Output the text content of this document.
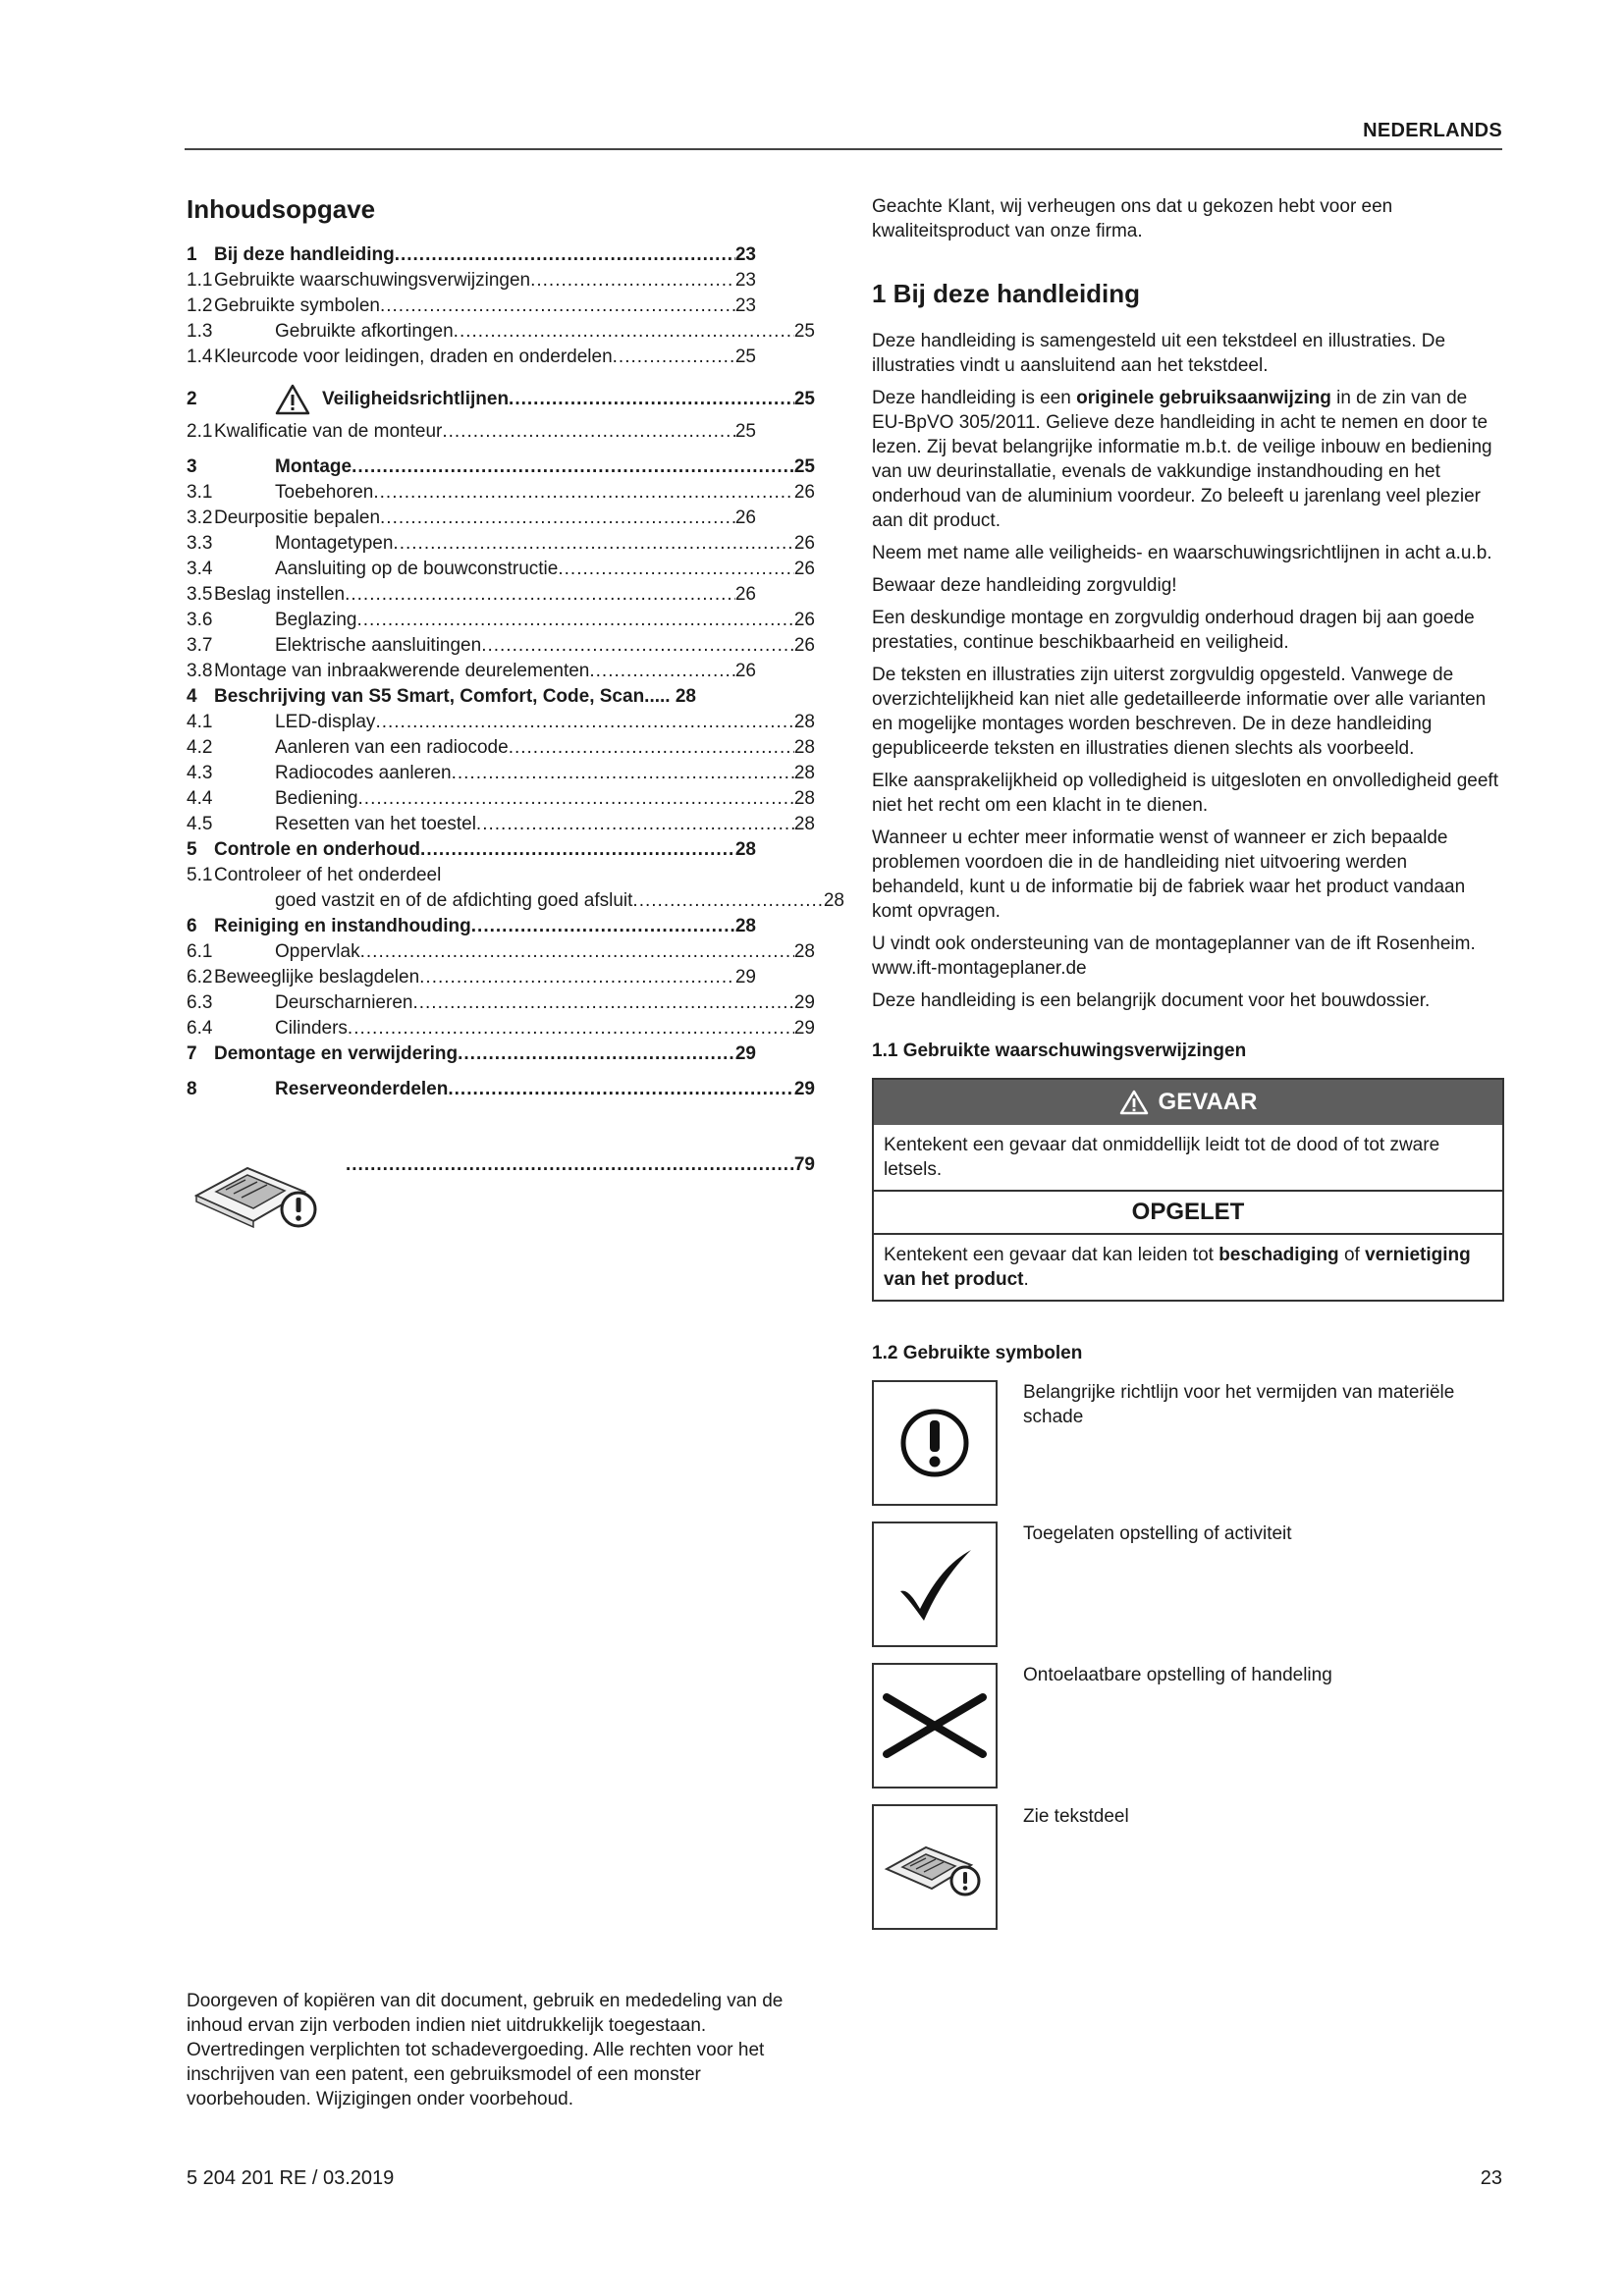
NEDERLANDS
Inhoudsopgave
1 Bij deze handleiding .....	23
1.1 Gebruikte waarschuwingsverwijzingen .....	23
1.2 Gebruikte symbolen .....	23
1.3	Gebruikte afkortingen .....	25
1.4 Kleurcode voor leidingen, draden en onderdelen .....	25
2	Veiligheidsrichtlijnen .....	25
2.1 Kwalificatie van de monteur .....	25
3	Montage .....	25
3.1	Toebehoren .....	26
3.2 Deurpositie bepalen .....	26
3.3	Montagetypen .....	26
3.4	Aansluiting op de bouwconstructie .....	26
3.5 Beslag instellen .....	26
3.6	Beglazing .....	26
3.7	Elektrische aansluitingen .....	26
3.8 Montage van inbraakwerende deurelementen .....	26
4 Beschrijving van S5 Smart, Comfort, Code, Scan..... 28
4.1	LED-display .....	28
4.2	Aanleren van een radiocode .....	28
4.3	Radiocodes aanleren .....	28
4.4	Bediening .....	28
4.5	Resetten van het toestel .....	28
5 Controle en onderhoud .....	28
5.1 Controleer of het onderdeel
goed vastzit en of de afdichting goed afsluit .....	28
6 Reiniging en instandhouding .....	28
6.1	Oppervlak .....	28
6.2 Beweeglijke beslagdelen .....	29
6.3	Deurscharnieren .....	29
6.4	Cilinders .....	29
7 Demontage en verwijdering .....	29
8	Reserveonderdelen .....	29
.....
79
Doorgeven of kopiëren van dit document, gebruik en mededeling van de inhoud ervan zijn verboden indien niet uitdrukkelijk toegestaan. Overtredingen verplichten tot schadevergoeding. Alle rechten voor het inschrijven van een patent, een gebruiksmodel of een monster voorbehouden. Wijzigingen onder voorbehoud.

Geachte Klant, wij verheugen ons dat u gekozen hebt voor een kwaliteitsproduct van onze firma.

1 Bij deze handleiding

Deze handleiding is samengesteld uit een tekstdeel en illustraties. De illustraties vindt u aansluitend aan het tekstdeel.

Deze handleiding is een originele gebruiksaanwijzing in de zin van de EU-BpVO 305/2011. Gelieve deze handleiding in acht te nemen en door te lezen. Zij bevat belangrijke informatie m.b.t. de veilige inbouw en bediening van uw deurinstallatie, evenals de vakkundige instandhouding en het onderhoud van de aluminium voordeur. Zo beleeft u jarenlang veel plezier aan dit product.

Neem met name alle veiligheids- en waarschuwingsrichtlijnen in acht a.u.b.

Bewaar deze handleiding zorgvuldig!

Een deskundige montage en zorgvuldig onderhoud dragen bij aan goede prestaties, continue beschikbaarheid en veiligheid.

De teksten en illustraties zijn uiterst zorgvuldig opgesteld. Vanwege de overzichtelijkheid kan niet alle gedetailleerde informatie over alle varianten en mogelijke montages worden beschreven. De in deze handleiding gepubliceerde teksten en illustraties dienen slechts als voorbeeld.

Elke aansprakelijkheid op volledigheid is uitgesloten en onvolledigheid geeft niet het recht om een klacht in te dienen.

Wanneer u echter meer informatie wenst of wanneer er zich bepaalde problemen voordoen die in de handleiding niet uitvoering werden behandeld, kunt u de informatie bij de fabriek waar het product vandaan komt opvragen.

U vindt ook ondersteuning van de montageplanner van de ift Rosenheim. www.ift-montageplaner.de

Deze handleiding is een belangrijk document voor het bouwdossier.

1.1 Gebruikte waarschuwingsverwijzingen
GEVAAR
Kentekent een gevaar dat onmiddellijk leidt tot de dood of tot zware letsels.
OPGELET
Kentekent een gevaar dat kan leiden tot beschadiging of vernietiging van het product.
1.2 Gebruikte symbolen
Belangrijke richtlijn voor het vermijden van materiële schade
Toegelaten opstelling of activiteit
Ontoelaatbare opstelling of handeling
Zie tekstdeel
5 204 201 RE / 03.2019	23
